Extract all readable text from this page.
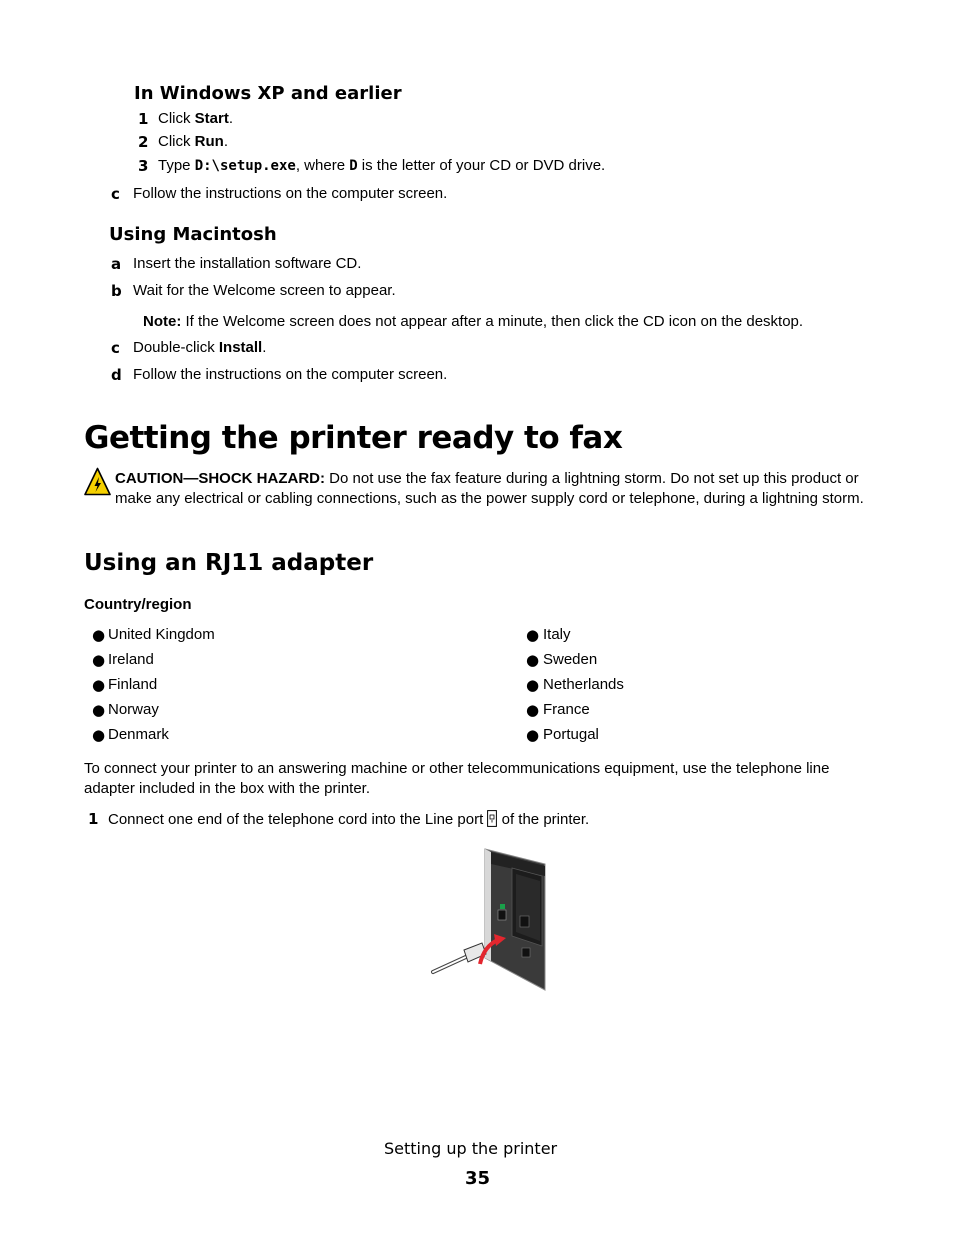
In Windows XP and earlier
1 Click Start.
2 Click Run.
3 Type D:\setup.exe, where D is the letter of your CD or DVD drive.
c Follow the instructions on the computer screen.
Using Macintosh
a Insert the installation software CD.
b Wait for the Welcome screen to appear.
Note: If the Welcome screen does not appear after a minute, then click the CD icon on the desktop.
c Double-click Install.
d Follow the instructions on the computer screen.
Getting the printer ready to fax
CAUTION—SHOCK HAZARD: Do not use the fax feature during a lightning storm. Do not set up this product or make any electrical or cabling connections, such as the power supply cord or telephone, during a lightning storm.
Using an RJ11 adapter
Country/region
● United Kingdom
● Ireland
● Finland
● Norway
● Denmark
● Italy
● Sweden
● Netherlands
● France
● Portugal
To connect your printer to an answering machine or other telecommunications equipment, use the telephone line adapter included in the box with the printer.
1 Connect one end of the telephone cord into the Line port  of the printer.
Setting up the printer
35
